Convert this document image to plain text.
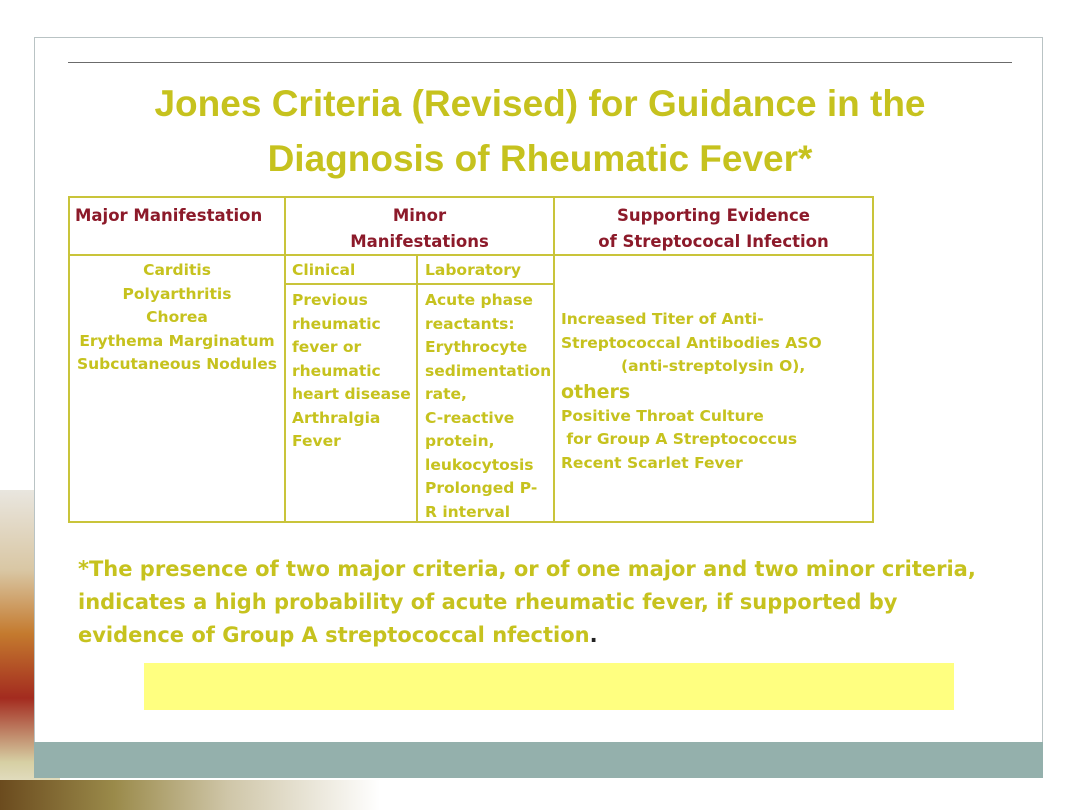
Jones Criteria (Revised) for Guidance in the
Diagnosis of Rheumatic Fever*
Major Manifestation	Minor
Manifestations
Supporting Evidence
of Streptococal Infection
Clinical	Laboratory
Carditis
Polyarthritis
Chorea
Erythema Marginatum
Subcutaneous Nodules
Previous
rheumatic
fever or
rheumatic
heart disease
Arthralgia
Fever
Acute phase
reactants:
Erythrocyte
sedimentation
rate,
C-reactive
protein,
leukocytosis
Prolonged P-
R interval
Increased Titer of Anti-
Streptococcal Antibodies ASO
(anti-streptolysin O),
others
Positive Throat Culture
for Group A Streptococcus
Recent Scarlet Fever
*The presence of two major criteria, or of one major and two minor criteria, indicates a high probability of acute rheumatic fever, if supported by evidence of Group A streptococcal nfection.
